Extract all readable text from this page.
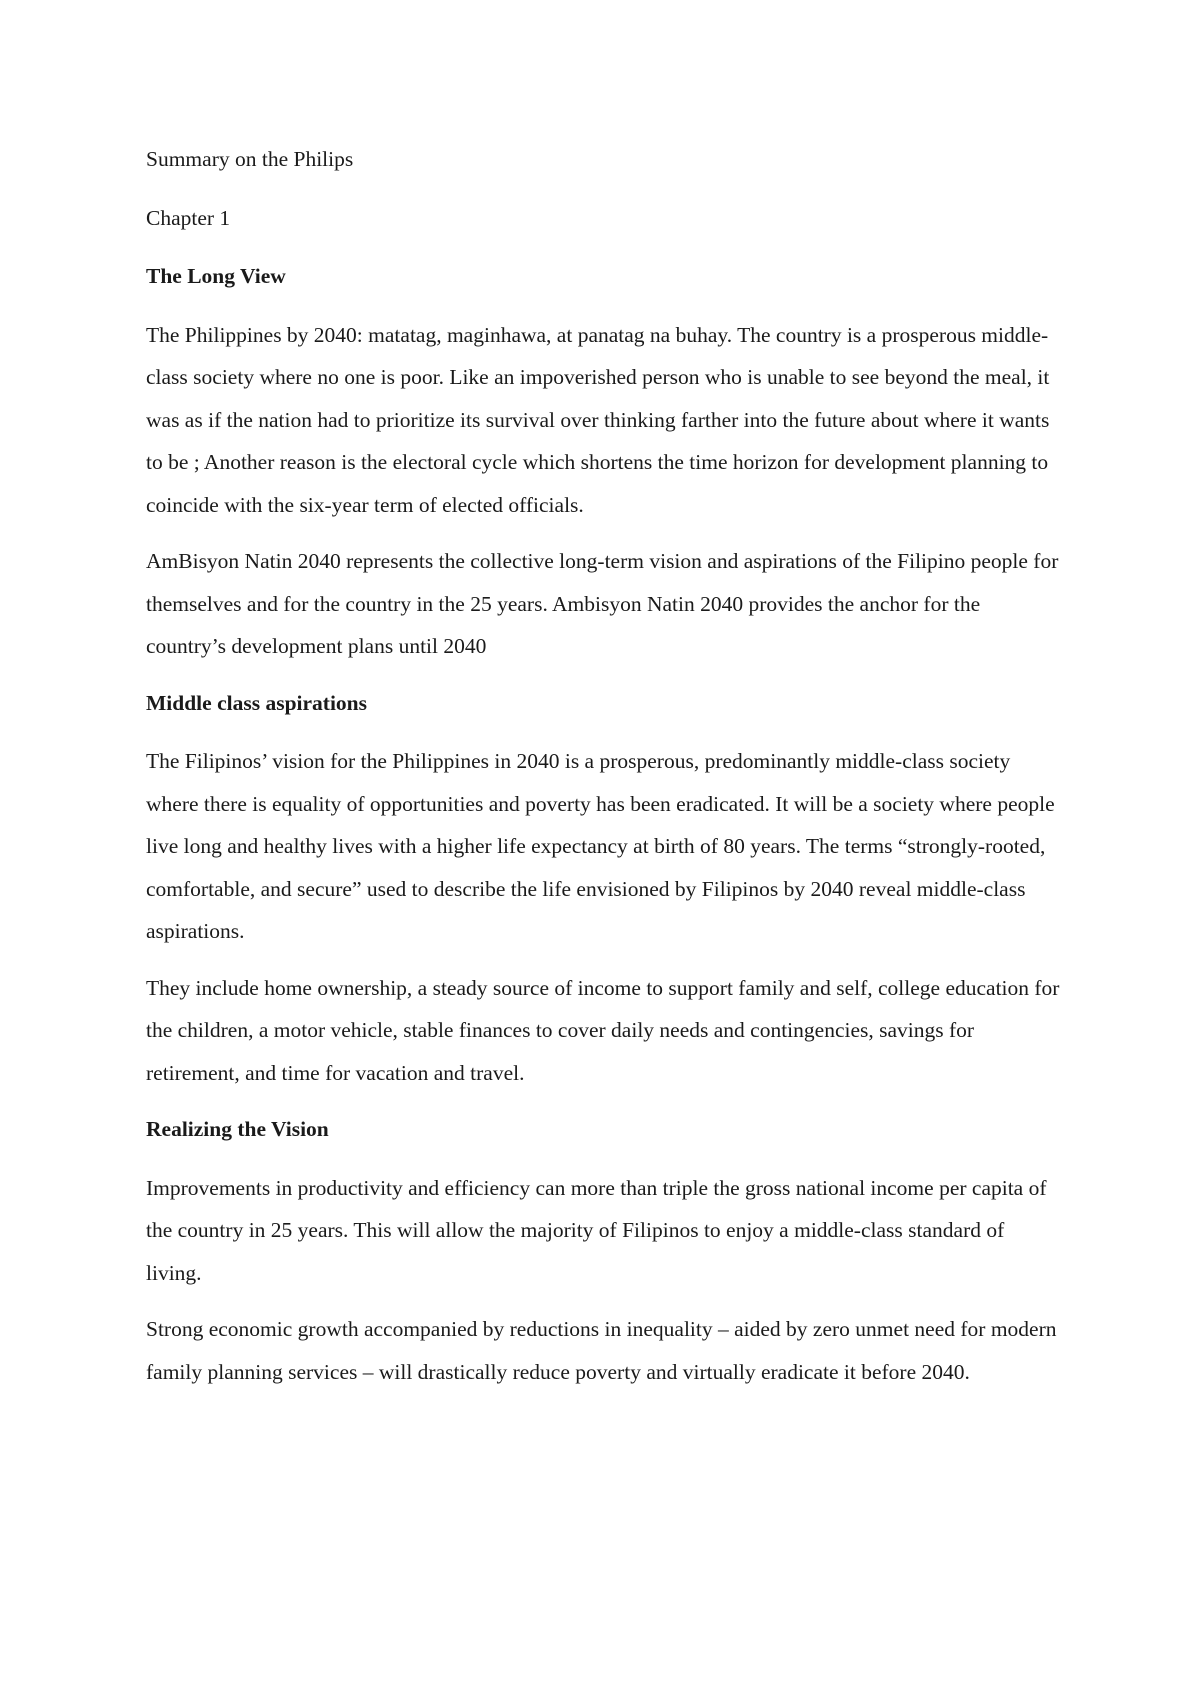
Summary on the Philips

Chapter 1

The Long View

The Philippines by 2040: matatag, maginhawa, at panatag na buhay. The country is a prosperous middle-class society where no one is poor. Like an impoverished person who is unable to see beyond the meal, it was as if the nation had to prioritize its survival over thinking farther into the future about where it wants to be ; Another reason is the electoral cycle which shortens the time horizon for development planning to coincide with the six-year term of elected officials.

AmBisyon Natin 2040 represents the collective long-term vision and aspirations of the Filipino people for themselves and for the country in the 25 years. Ambisyon Natin 2040 provides the anchor for the country’s development plans until 2040

Middle class aspirations

The Filipinos’ vision for the Philippines in 2040 is a prosperous, predominantly middle-class society where there is equality of opportunities and poverty has been eradicated. It will be a society where people live long and healthy lives with a higher life expectancy at birth of 80 years. The terms “strongly-rooted, comfortable, and secure” used to describe the life envisioned by Filipinos by 2040 reveal middle-class aspirations.

They include home ownership, a steady source of income to support family and self, college education for the children, a motor vehicle, stable finances to cover daily needs and contingencies, savings for retirement, and time for vacation and travel.

Realizing the Vision

Improvements in productivity and efficiency can more than triple the gross national income per capita of the country in 25 years. This will allow the majority of Filipinos to enjoy a middle-class standard of living.

Strong economic growth accompanied by reductions in inequality – aided by zero unmet need for modern family planning services – will drastically reduce poverty and virtually eradicate it before 2040.
